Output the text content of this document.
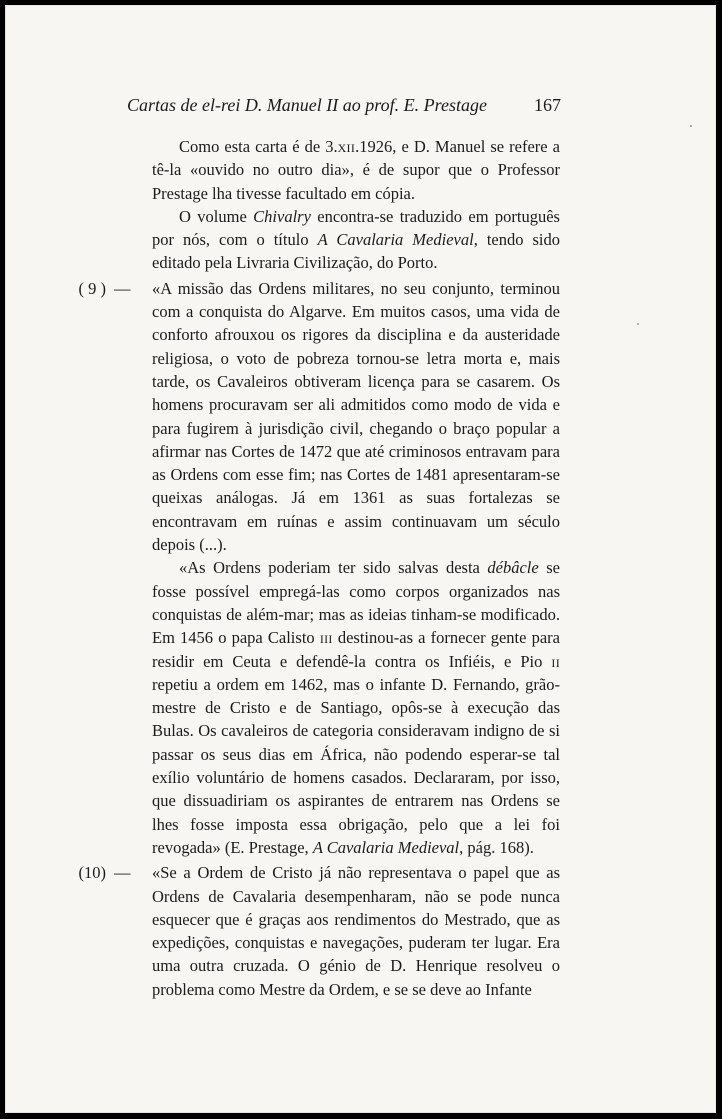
Cartas de el-rei D. Manuel II ao prof. E. Prestage	167

Como esta carta é de 3.xii.1926, e D. Manuel se refere a tê-la «ouvido no outro dia», é de supor que o Professor Prestage lha tivesse facultado em cópia.

O volume Chivalry encontra-se traduzido em português por nós, com o título A Cavalaria Medieval, tendo sido editado pela Livraria Civilização, do Porto.

( 9 ) —	«A missão das Ordens militares, no seu conjunto, terminou com a conquista do Algarve. Em muitos casos, uma vida de conforto afrouxou os rigores da disciplina e da austeridade religiosa, o voto de pobreza tornou-se letra morta e, mais tarde, os Cavaleiros obtiveram licença para se casarem. Os homens procuravam ser ali admitidos como modo de vida e para fugirem à jurisdição civil, chegando o braço popular a afirmar nas Cortes de 1472 que até criminosos entravam para as Ordens com esse fim; nas Cortes de 1481 apresentaram-se queixas análogas. Já em 1361 as suas fortalezas se encontravam em ruínas e assim continuavam um século depois (...).

«As Ordens poderiam ter sido salvas desta débâcle se fosse possível empregá-las como corpos organizados nas conquistas de além-mar; mas as ideias tinham-se modificado. Em 1456 o papa Calisto iii destinou-as a fornecer gente para residir em Ceuta e defendê-la contra os Infiéis, e Pio ii repetiu a ordem em 1462, mas o infante D. Fernando, grão-mestre de Cristo e de Santiago, opôs-se à execução das Bulas. Os cavaleiros de categoria consideravam indigno de si passar os seus dias em África, não podendo esperar-se tal exílio voluntário de homens casados. Declararam, por isso, que dissuadiriam os aspirantes de entrarem nas Ordens se lhes fosse imposta essa obrigação, pelo que a lei foi revogada» (E. Prestage, A Cavalaria Medieval, pág. 168).

(10) —	«Se a Ordem de Cristo já não representava o papel que as Ordens de Cavalaria desempenharam, não se pode nunca esquecer que é graças aos rendimentos do Mestrado, que as expedições, conquistas e navegações, puderam ter lugar. Era uma outra cruzada. O génio de D. Henrique resolveu o problema como Mestre da Ordem, e se se deve ao Infante
